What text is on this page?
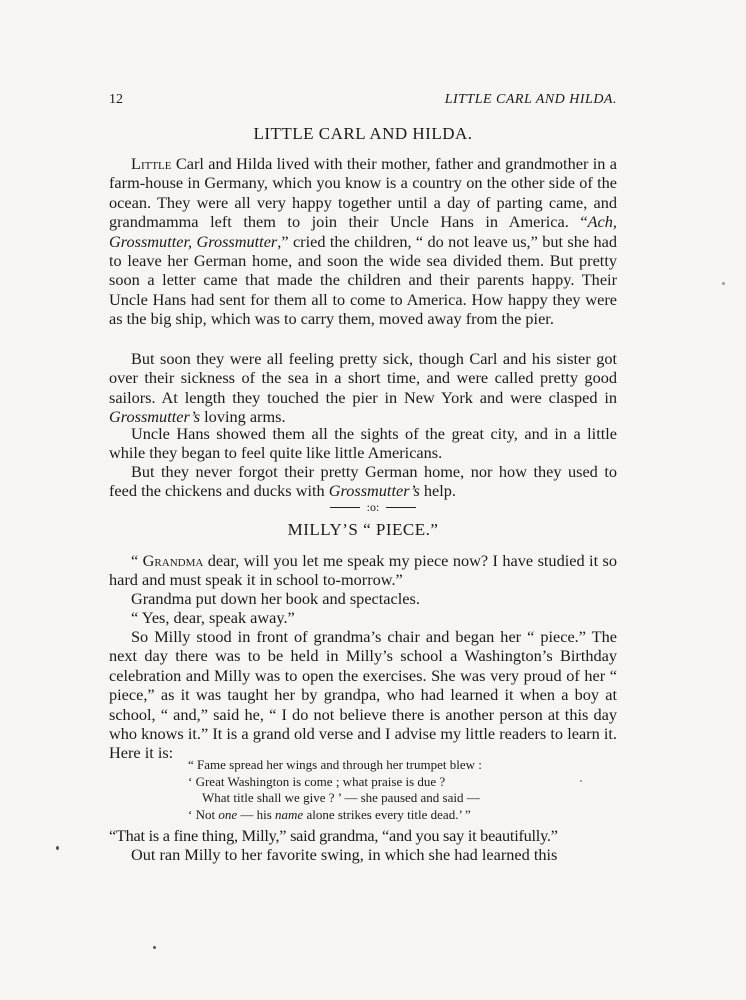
12	LITTLE CARL AND HILDA.
LITTLE CARL AND HILDA.

Little Carl and Hilda lived with their mother, father and grandmother in a farm-house in Germany, which you know is a country on the other side of the ocean. They were all very happy together until a day of parting came, and grandmamma left them to join their Uncle Hans in America. “Ach, Grossmutter, Grossmutter,” cried the children, “ do not leave us,” but she had to leave her German home, and soon the wide sea divided them. But pretty soon a letter came that made the children and their parents happy. Their Uncle Hans had sent for them all to come to America. How happy they were as the big ship, which was to carry them, moved away from the pier.

But soon they were all feeling pretty sick, though Carl and his sister got over their sickness of the sea in a short time, and were called pretty good sailors. At length they touched the pier in New York and were clasped in Grossmutter’s loving arms.

Uncle Hans showed them all the sights of the great city, and in a little while they began to feel quite like little Americans.

But they never forgot their pretty German home, nor how they used to feed the chickens and ducks with Grossmutter’s help.

:o:
MILLY’S “ PIECE.”

“ Grandma dear, will you let me speak my piece now? I have studied it so hard and must speak it in school to-morrow.”

Grandma put down her book and spectacles.

“ Yes, dear, speak away.”

So Milly stood in front of grandma’s chair and began her “ piece.” The next day there was to be held in Milly’s school a Washington’s Birthday celebration and Milly was to open the exercises. She was very proud of her “ piece,” as it was taught her by grandpa, who had learned it when a boy at school, “ and,” said he, “ I do not believe there is another person at this day who knows it.” It is a grand old verse and I advise my little readers to learn it. Here it is:

“ Fame spread her wings and through her trumpet blew :
‘ Great Washington is come ; what praise is due ?
What title shall we give ? ’ — she paused and said —
‘ Not one — his name alone strikes every title dead.’ ”

“That is a fine thing, Milly,” said grandma, “and you say it beautifully.”

Out ran Milly to her favorite swing, in which she had learned this
